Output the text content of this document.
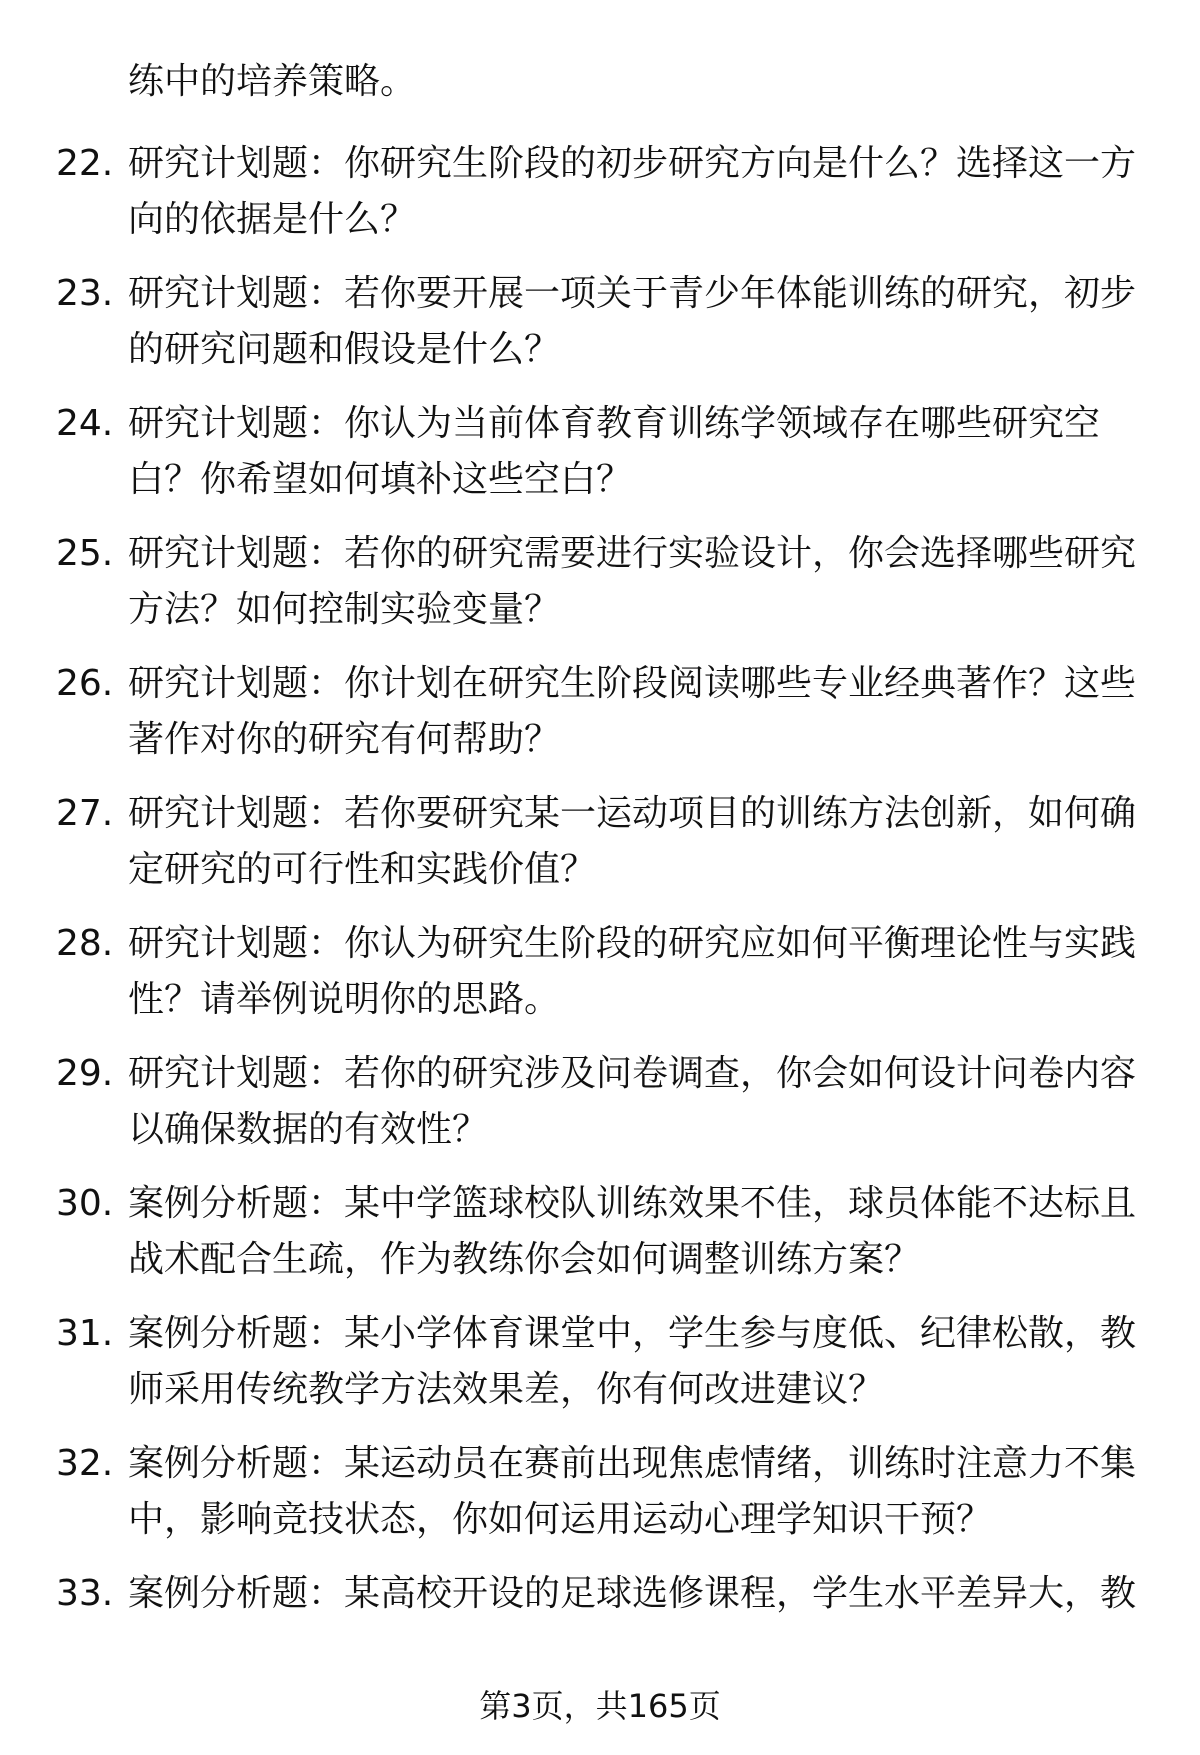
练中的培养策略。

22. 研究计划题：你研究生阶段的初步研究方向是什么？选择这一方向的依据是什么？
23. 研究计划题：若你要开展一项关于青少年体能训练的研究，初步的研究问题和假设是什么？
24. 研究计划题：你认为当前体育教育训练学领域存在哪些研究空白？你希望如何填补这些空白？
25. 研究计划题：若你的研究需要进行实验设计，你会选择哪些研究方法？如何控制实验变量？
26. 研究计划题：你计划在研究生阶段阅读哪些专业经典著作？这些著作对你的研究有何帮助？
27. 研究计划题：若你要研究某一运动项目的训练方法创新，如何确定研究的可行性和实践价值？
28. 研究计划题：你认为研究生阶段的研究应如何平衡理论性与实践性？请举例说明你的思路。
29. 研究计划题：若你的研究涉及问卷调查，你会如何设计问卷内容以确保数据的有效性？
30. 案例分析题：某中学篮球校队训练效果不佳，球员体能不达标且战术配合生疏，作为教练你会如何调整训练方案？
31. 案例分析题：某小学体育课堂中，学生参与度低、纪律松散，教师采用传统教学方法效果差，你有何改进建议？
32. 案例分析题：某运动员在赛前出现焦虑情绪，训练时注意力不集中，影响竞技状态，你如何运用运动心理学知识干预？
33. 案例分析题：某高校开设的足球选修课程，学生水平差异大，教
第3页，共165页
